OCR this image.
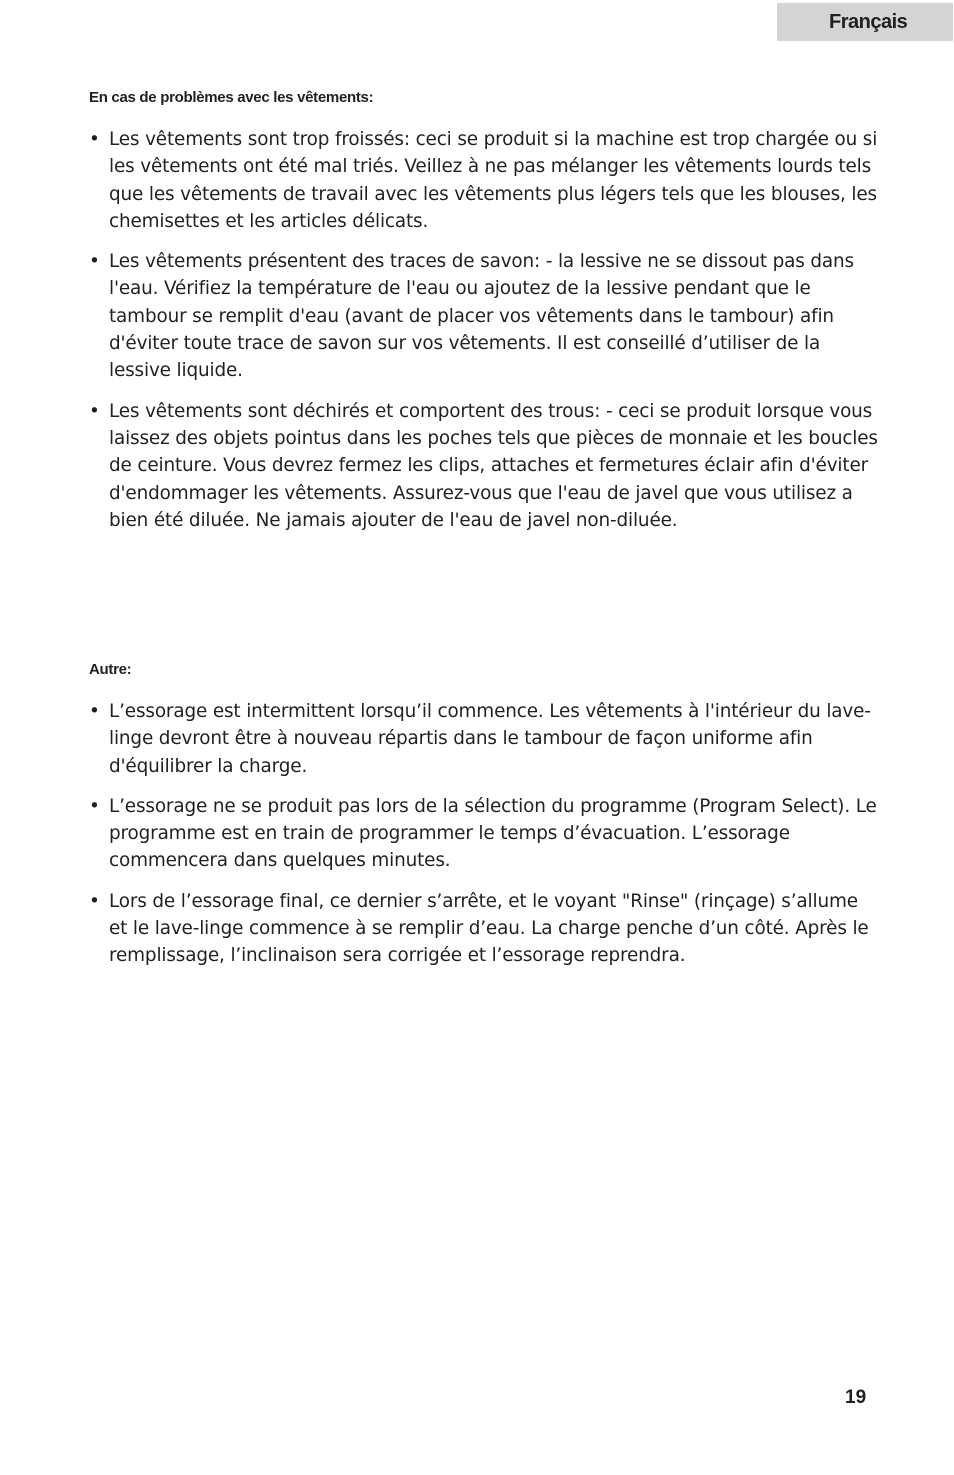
Français
En cas de problèmes avec les vêtements:
• Les vêtements sont trop froissés: ceci se produit si la machine est trop chargée ou si les vêtements ont été mal triés. Veillez à ne pas mélanger les vêtements lourds tels que les vêtements de travail avec les vêtements plus légers tels que les blouses, les chemisettes et les articles délicats.
• Les vêtements présentent des traces de savon: - la lessive ne se dissout pas dans l'eau. Vérifiez la température de l'eau ou ajoutez de la lessive pendant que le tambour se remplit d'eau (avant de placer vos vêtements dans le tambour) afin d'éviter toute trace de savon sur vos vêtements. Il est conseillé d’utiliser de la lessive liquide.
• Les vêtements sont déchirés et comportent des trous: - ceci se produit lorsque vous laissez des objets pointus dans les poches tels que pièces de monnaie et les boucles de ceinture. Vous devrez fermez les clips, attaches et fermetures éclair afin d'éviter d'endommager les vêtements. Assurez-vous que l'eau de javel que vous utilisez a bien été diluée. Ne jamais ajouter de l'eau de javel non-diluée.
Autre:
• L’essorage est intermittent lorsqu’il commence. Les vêtements à l'intérieur du lave-linge devront être à nouveau répartis dans le tambour de façon uniforme afin d'équilibrer la charge.
• L’essorage ne se produit pas lors de la sélection du programme (Program Select). Le programme est en train de programmer le temps d’évacuation. L’essorage commencera dans quelques minutes.
• Lors de l’essorage final, ce dernier s’arrête, et le voyant "Rinse" (rinçage) s’allume et le lave-linge commence à se remplir d’eau. La charge penche d’un côté. Après le remplissage, l’inclinaison sera corrigée et l’essorage reprendra.
19
